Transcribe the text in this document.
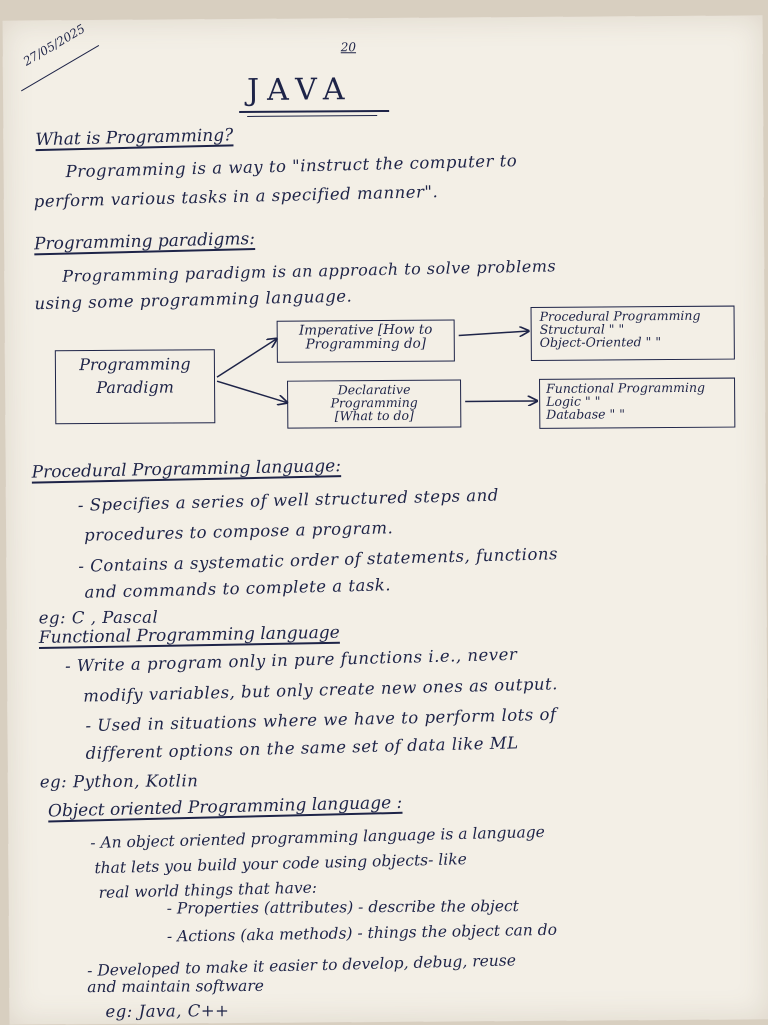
27/05/2025	20
JAVA
What is Programming?
Programming is a way to "instruct the computer to
perform various tasks in a specified manner".
Programming paradigms:
Programming paradigm is an approach to solve problems
using some programming language.
Programming
Paradigm
Imperative [How to
Programming do]
Declarative
Programming
[What to do]
Procedural Programming
Structural " "
Object-Oriented " "
Functional Programming
Logic " "
Database " "
Procedural Programming language:
- Specifies a series of well structured steps and
procedures to compose a program.
- Contains a systematic order of statements, functions
and commands to complete a task.
eg: C , Pascal
Functional Programming language
- Write a program only in pure functions i.e., never
modify variables, but only create new ones as output.
- Used in situations where we have to perform lots of
different options on the same set of data like ML
eg: Python, Kotlin
Object oriented Programming language :
- An object oriented programming language is a language
that lets you build your code using objects- like
real world things that have:
- Properties (attributes) - describe the object
- Actions (aka methods) - things the object can do
- Developed to make it easier to develop, debug, reuse
and maintain software
eg: Java, C++
